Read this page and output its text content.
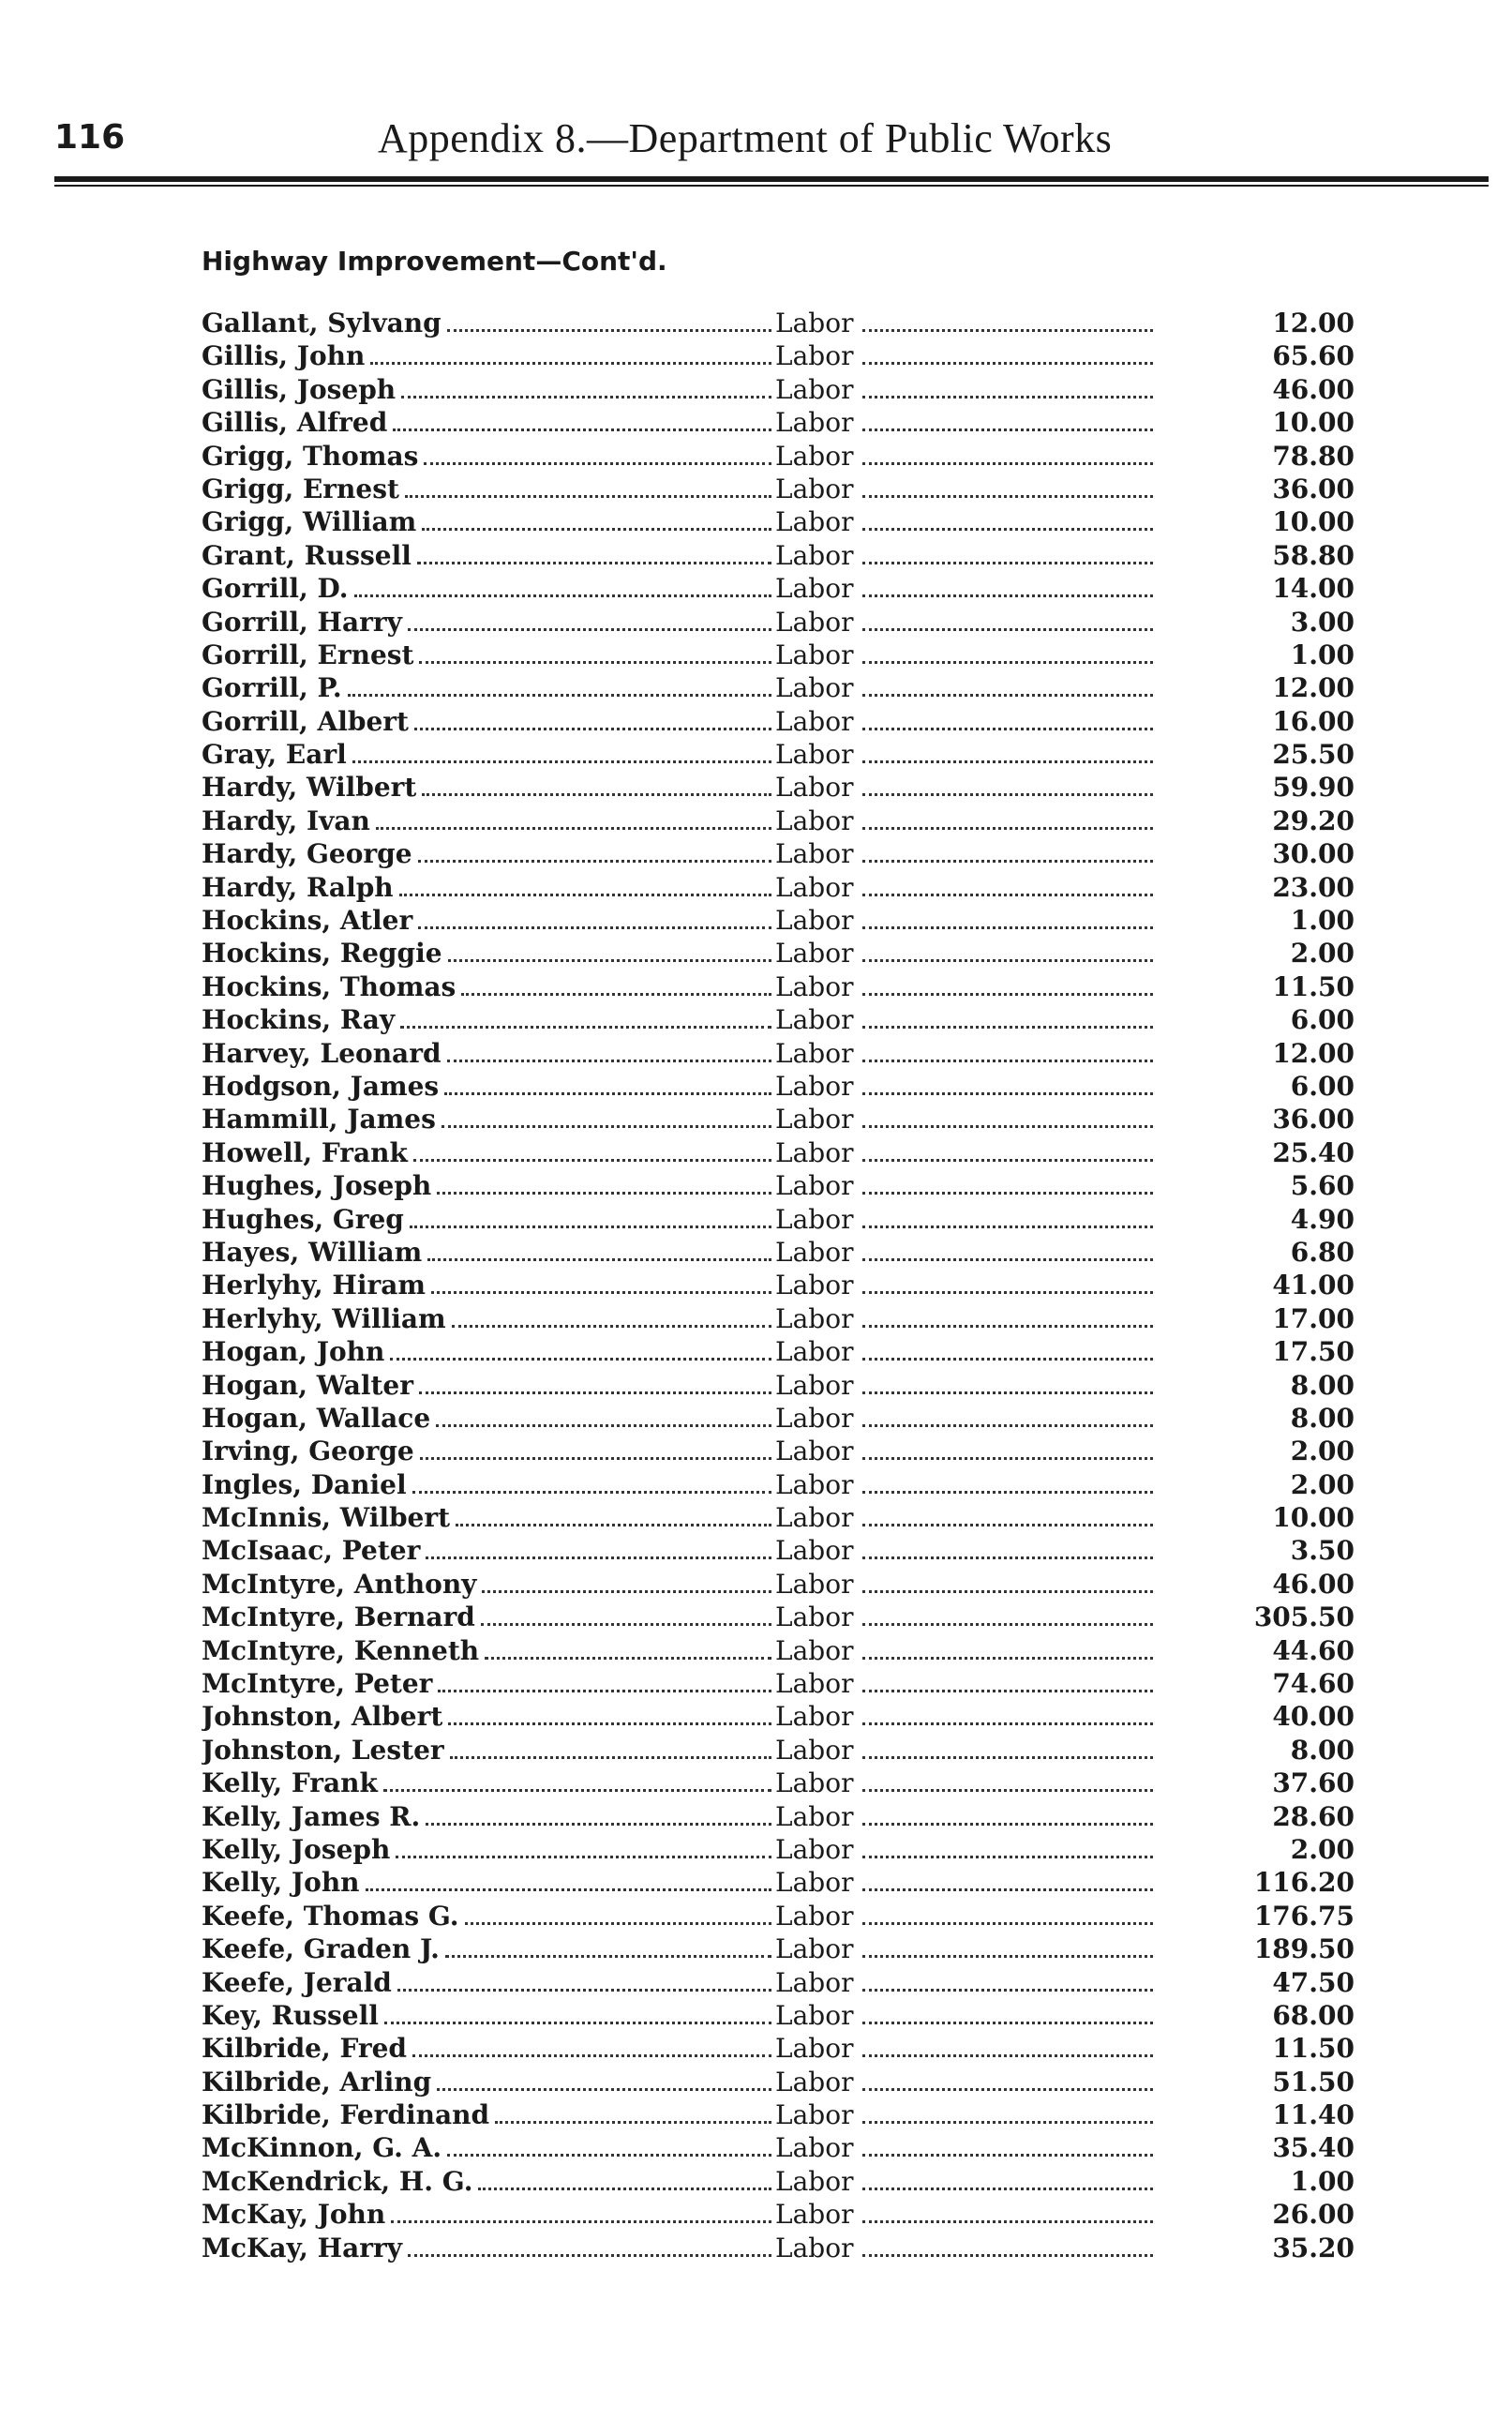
116	Appendix 8.—Department of Public Works
Highway Improvement—Cont'd.
Gallant, Sylvang	Labor	12.00
Gillis, John	Labor	65.60
Gillis, Joseph	Labor	46.00
Gillis, Alfred	Labor	10.00
Grigg, Thomas	Labor	78.80
Grigg, Ernest	Labor	36.00
Grigg, William	Labor	10.00
Grant, Russell	Labor	58.80
Gorrill, D.	Labor	14.00
Gorrill, Harry	Labor	3.00
Gorrill, Ernest	Labor	1.00
Gorrill, P.	Labor	12.00
Gorrill, Albert	Labor	16.00
Gray, Earl	Labor	25.50
Hardy, Wilbert	Labor	59.90
Hardy, Ivan	Labor	29.20
Hardy, George	Labor	30.00
Hardy, Ralph	Labor	23.00
Hockins, Atler	Labor	1.00
Hockins, Reggie	Labor	2.00
Hockins, Thomas	Labor	11.50
Hockins, Ray	Labor	6.00
Harvey, Leonard	Labor	12.00
Hodgson, James	Labor	6.00
Hammill, James	Labor	36.00
Howell, Frank	Labor	25.40
Hughes, Joseph	Labor	5.60
Hughes, Greg	Labor	4.90
Hayes, William	Labor	6.80
Herlyhy, Hiram	Labor	41.00
Herlyhy, William	Labor	17.00
Hogan, John	Labor	17.50
Hogan, Walter	Labor	8.00
Hogan, Wallace	Labor	8.00
Irving, George	Labor	2.00
Ingles, Daniel	Labor	2.00
McInnis, Wilbert	Labor	10.00
McIsaac, Peter	Labor	3.50
McIntyre, Anthony	Labor	46.00
McIntyre, Bernard	Labor	305.50
McIntyre, Kenneth	Labor	44.60
McIntyre, Peter	Labor	74.60
Johnston, Albert	Labor	40.00
Johnston, Lester	Labor	8.00
Kelly, Frank	Labor	37.60
Kelly, James R.	Labor	28.60
Kelly, Joseph	Labor	2.00
Kelly, John	Labor	116.20
Keefe, Thomas G.	Labor	176.75
Keefe, Graden J.	Labor	189.50
Keefe, Jerald	Labor	47.50
Key, Russell	Labor	68.00
Kilbride, Fred	Labor	11.50
Kilbride, Arling	Labor	51.50
Kilbride, Ferdinand	Labor	11.40
McKinnon, G. A.	Labor	35.40
McKendrick, H. G.	Labor	1.00
McKay, John	Labor	26.00
McKay, Harry	Labor	35.20
